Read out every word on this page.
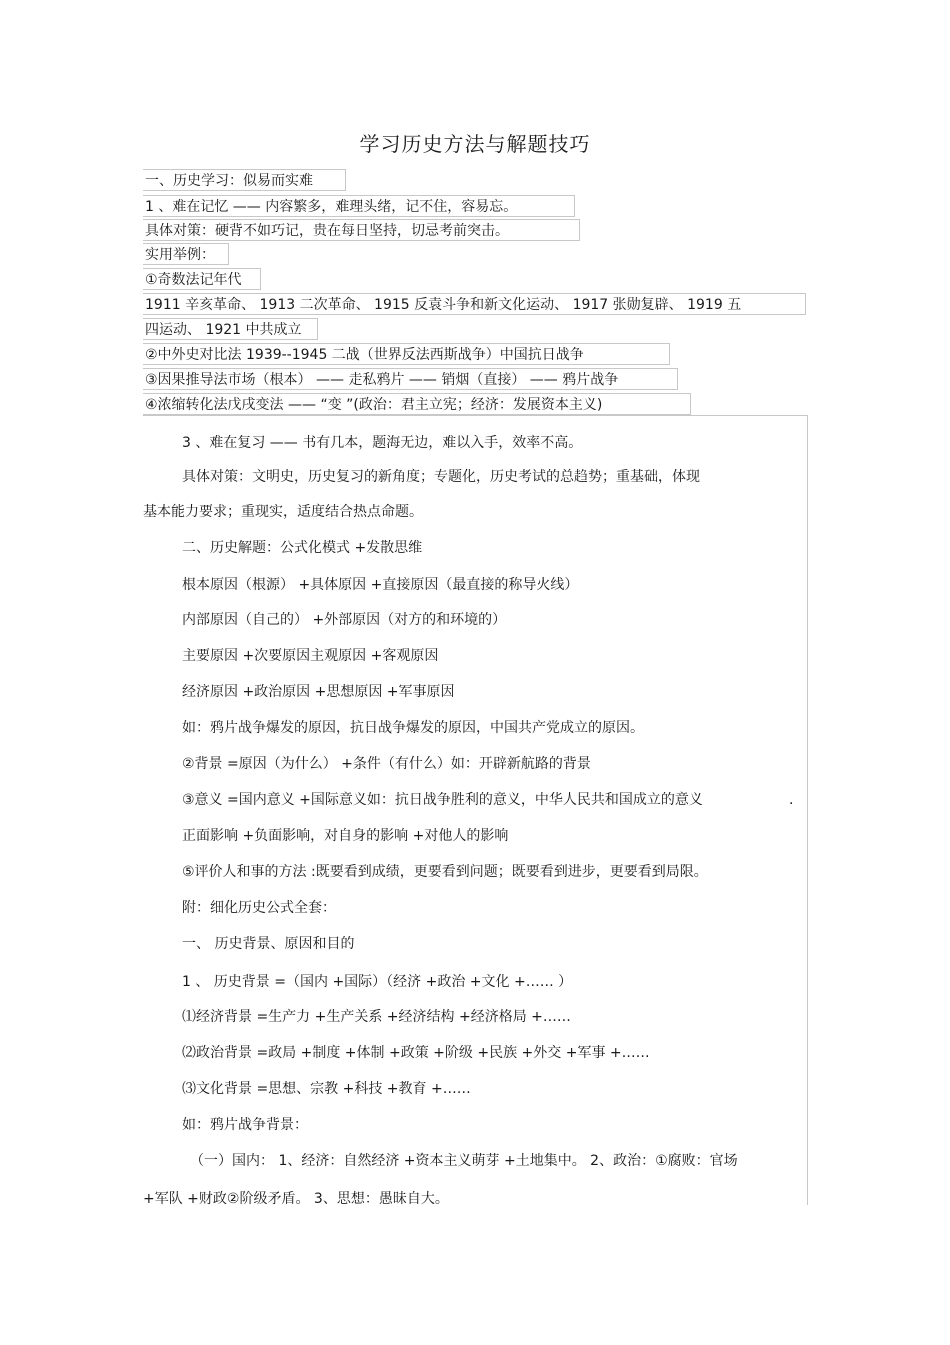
学习历史方法与解题技巧
一、历史学习：似易而实难
1 、难在记忆 —— 内容繁多，难理头绪，记不住，容易忘。
具体对策：硬背不如巧记，贵在每日坚持，切忌考前突击。
实用举例：
①奇数法记年代
1911 辛亥革命、 1913 二次革命、 1915 反袁斗争和新文化运动、 1917 张勋复辟、 1919 五
四运动、 1921 中共成立
②中外史对比法 1939--1945 二战（世界反法西斯战争）中国抗日战争
③因果推导法市场（根本） —— 走私鸦片 —— 销烟（直接） —— 鸦片战争
④浓缩转化法戊戌变法 —— “变 ”(政治：君主立宪；经济：发展资本主义)
3 、难在复习 —— 书有几本，题海无边，难以入手，效率不高。
具体对策：文明史，历史复习的新角度；专题化，历史考试的总趋势；重基础，体现
基本能力要求；重现实，适度结合热点命题。
二、历史解题：公式化模式 +发散思维
根本原因（根源） +具体原因 +直接原因（最直接的称导火线）
内部原因（自己的） +外部原因（对方的和环境的）
主要原因 +次要原因主观原因 +客观原因
经济原因 +政治原因 +思想原因 +军事原因
如：鸦片战争爆发的原因，抗日战争爆发的原因，中国共产党成立的原因。
②背景 =原因（为什么） +条件（有什么）如：开辟新航路的背景
③意义 =国内意义 +国际意义如：抗日战争胜利的意义，中华人民共和国成立的意义	.
正面影响 +负面影响，对自身的影响 +对他人的影响
⑤评价人和事的方法 :既要看到成绩，更要看到问题；既要看到进步，更要看到局限。
附：细化历史公式全套：
一、 历史背景、原因和目的
1 、 历史背景 =（国内 +国际）（经济 +政治 +文化 +…… ）
⑴经济背景 =生产力 +生产关系 +经济结构 +经济格局 +……
⑵政治背景 =政局 +制度 +体制 +政策 +阶级 +民族 +外交 +军事 +……
⑶文化背景 =思想、宗教 +科技 +教育 +……
如：鸦片战争背景：
（一）国内： 1、经济：自然经济 +资本主义萌芽 +土地集中。 2、政治：①腐败：官场
+军队 +财政②阶级矛盾。 3、思想：愚昧自大。
